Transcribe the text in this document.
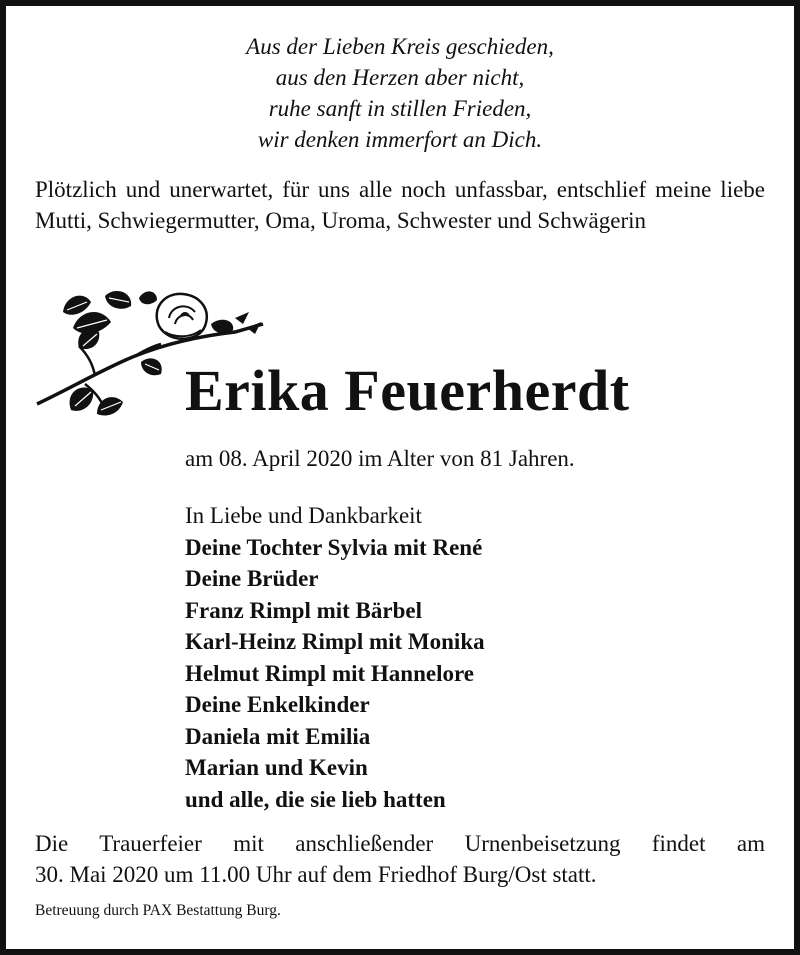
Aus der Lieben Kreis geschieden,
aus den Herzen aber nicht,
ruhe sanft in stillen Frieden,
wir denken immerfort an Dich.
Plötzlich und unerwartet, für uns alle noch unfassbar, entschlief meine liebe Mutti, Schwiegermutter, Oma, Uroma, Schwester und Schwägerin
Erika Feuerherdt
am 08. April 2020 im Alter von 81 Jahren.
In Liebe und Dankbarkeit
Deine Tochter Sylvia mit René
Deine Brüder
Franz Rimpl mit Bärbel
Karl-Heinz Rimpl mit Monika
Helmut Rimpl mit Hannelore
Deine Enkelkinder
Daniela mit Emilia
Marian und Kevin
und alle, die sie lieb hatten
Die Trauerfeier mit anschließender Urnenbeisetzung findet am
30. Mai 2020 um 11.00 Uhr auf dem Friedhof Burg/Ost statt.
Betreuung durch PAX Bestattung Burg.
